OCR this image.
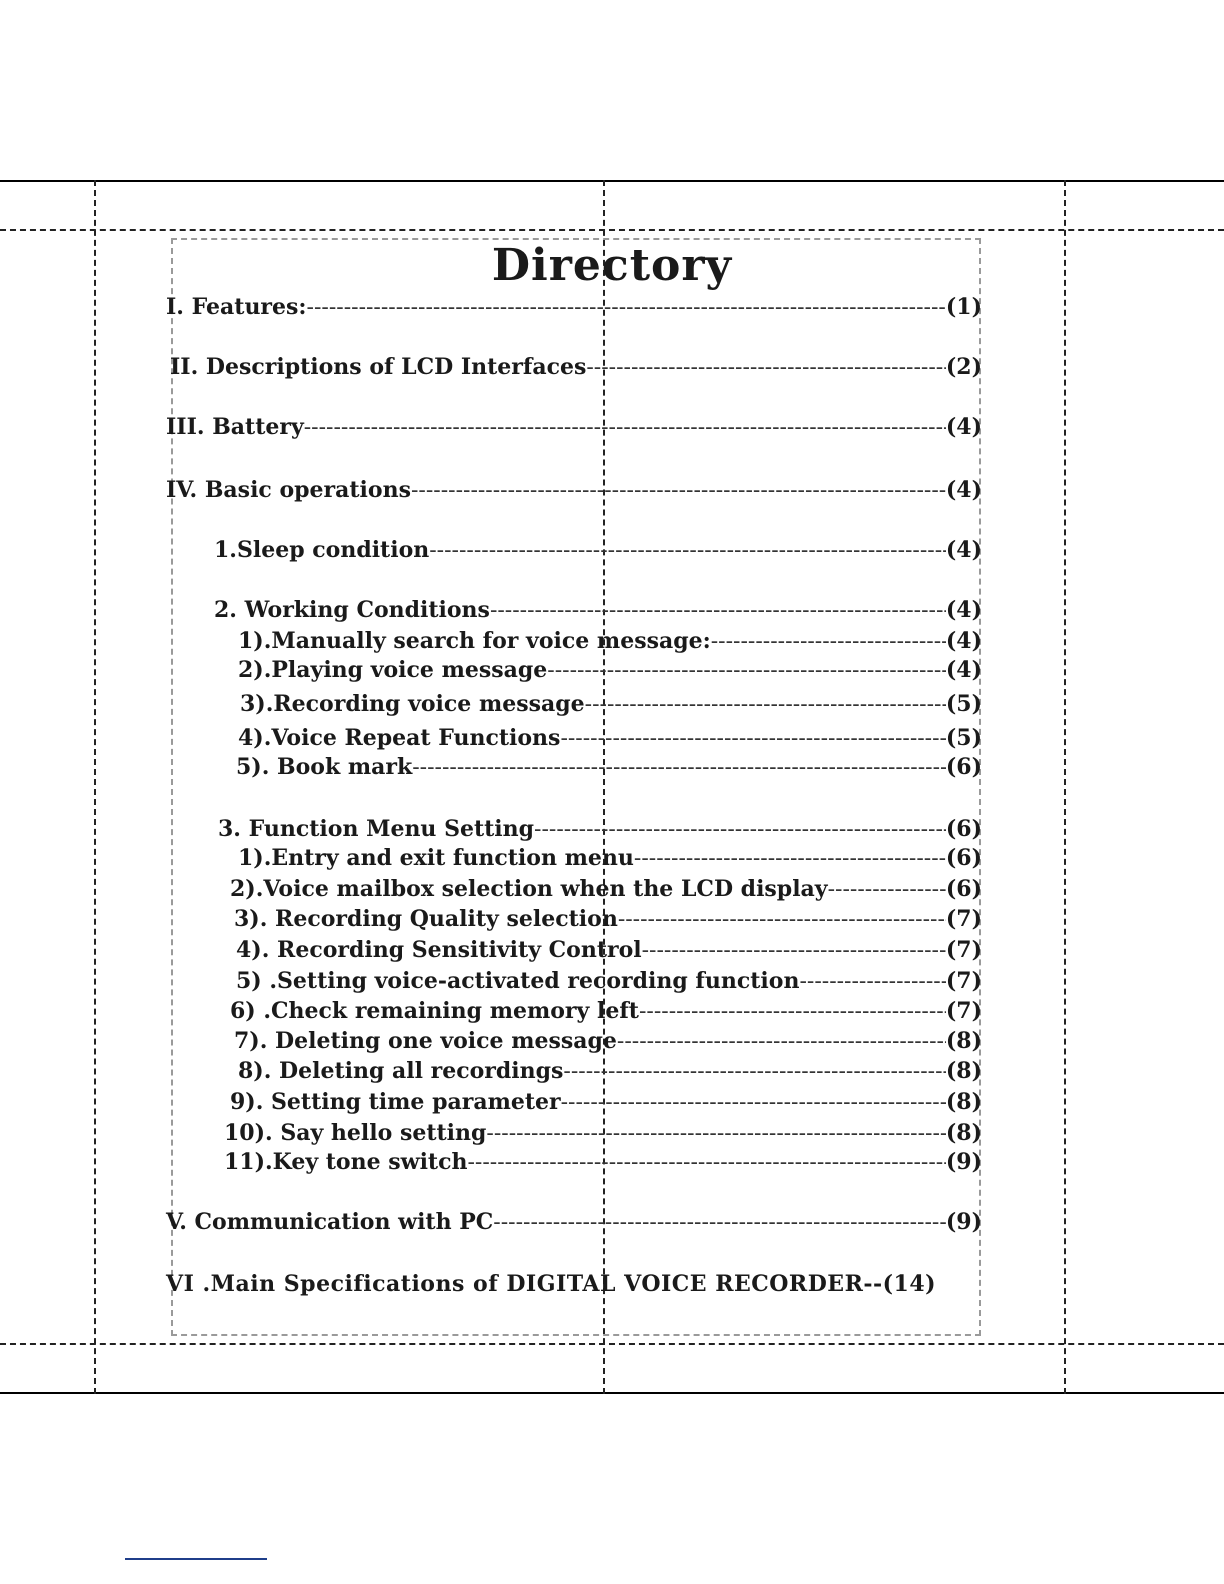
Directory
I. Features: -----	(1)
II. Descriptions of LCD Interfaces -----	(2)
III. Battery -----	(4)
IV. Basic operations -----	(4)
1.Sleep condition -----	(4)
2. Working Conditions -----	(4)
1).Manually search for voice message: -----	(4)
2).Playing voice message -----	(4)
3).Recording voice message -----	(5)
4).Voice Repeat Functions -----	(5)
5). Book mark -----	(6)
3. Function Menu Setting -----	(6)
1).Entry and exit function menu -----	(6)
2).Voice mailbox selection when the LCD display -----	(6)
3). Recording Quality selection -----	(7)
4). Recording Sensitivity Control -----	(7)
5) .Setting voice-activated recording function -----	(7)
6) .Check remaining memory left -----	(7)
7). Deleting one voice message -----	(8)
8). Deleting all recordings -----	(8)
9). Setting time parameter -----	(8)
10). Say hello setting -----	(8)
11).Key tone switch -----	(9)
V. Communication with PC -----	(9)
VI .Main Specifications of DIGITAL VOICE RECORDER --(14)
